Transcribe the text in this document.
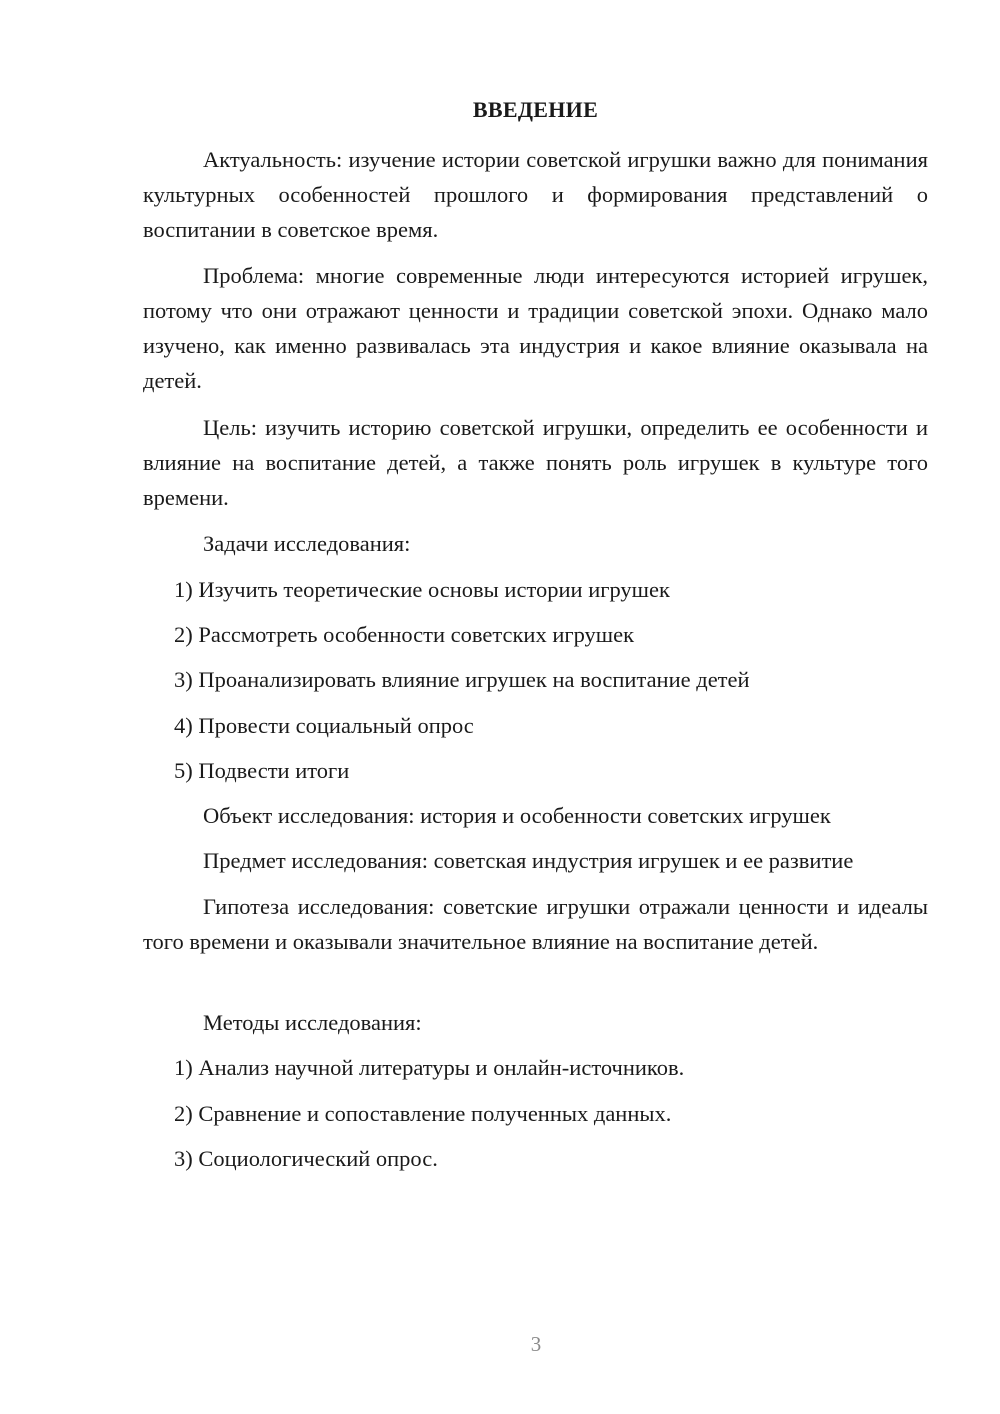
ВВЕДЕНИЕ

Актуальность: изучение истории советской игрушки важно для понимания культурных особенностей прошлого и формирования представлений о воспитании в советское время.

Проблема: многие современные люди интересуются историей игрушек, потому что они отражают ценности и традиции советской эпохи. Однако мало изучено, как именно развивалась эта индустрия и какое влияние оказывала на детей.

Цель: изучить историю советской игрушки, определить ее особенности и влияние на воспитание детей, а также понять роль игрушек в культуре того времени.

Задачи исследования:

1) Изучить теоретические основы истории игрушек

2) Рассмотреть особенности советских игрушек

3) Проанализировать влияние игрушек на воспитание детей

4) Провести социальный опрос

5) Подвести итоги

Объект исследования: история и особенности советских игрушек

Предмет исследования: советская индустрия игрушек и ее развитие

Гипотеза исследования: советские игрушки отражали ценности и идеалы того времени и оказывали значительное влияние на воспитание детей.

Методы исследования:

1) Анализ научной литературы и онлайн-источников.

2) Сравнение и сопоставление полученных данных.

3) Социологический опрос.

3
